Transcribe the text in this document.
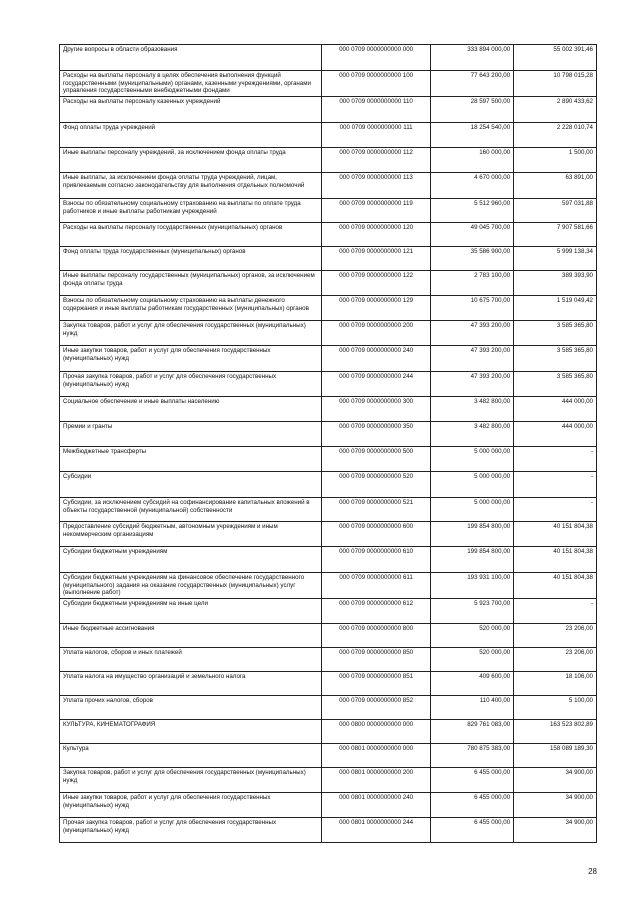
Другие вопросы в области образования	000 0709 0000000000 000	333 894 000,00	55 002 391,46
Расходы на выплаты персоналу в целях обеспечения выполнения функций государственными (муниципальными) органами, казенными учреждениями, органами управления государственными внебюджетными фондами	000 0709 0000000000 100	77 643 200,00	10 798 015,28
Расходы на выплаты персоналу казенных учреждений	000 0709 0000000000 110	28 597 500,00	2 890 433,62
Фонд оплаты труда учреждений	000 0709 0000000000 111	18 254 540,00	2 228 010,74
Иные выплаты персоналу учреждений, за исключением фонда оплаты труда	000 0709 0000000000 112	160 000,00	1 500,00
Иные выплаты, за исключением фонда оплаты труда учреждений, лицам, привлекаемым согласно законодательству для выполнения отдельных полномочий	000 0709 0000000000 113	4 670 000,00	63 891,00
Взносы по обязательному социальному страхованию на выплаты по оплате труда работников и иные выплаты работникам учреждений	000 0709 0000000000 119	5 512 960,00	597 031,88
Расходы на выплаты персоналу государственных (муниципальных) органов	000 0709 0000000000 120	49 045 700,00	7 907 581,66
Фонд оплаты труда государственных (муниципальных) органов	000 0709 0000000000 121	35 586 900,00	5 999 138,34
Иные выплаты персоналу государственных (муниципальных) органов, за исключением фонда оплаты труда	000 0709 0000000000 122	2 783 100,00	389 393,90
Взносы по обязательному социальному страхованию на выплаты денежного содержания и иные выплаты работникам государственных (муниципальных) органов	000 0709 0000000000 129	10 675 700,00	1 519 049,42
Закупка товаров, работ и услуг для обеспечения государственных (муниципальных) нужд	000 0709 0000000000 200	47 393 200,00	3 585 365,80
Иные закупки товаров, работ и услуг для обеспечения государственных (муниципальных) нужд	000 0709 0000000000 240	47 393 200,00	3 585 365,80
Прочая закупка товаров, работ и услуг для обеспечения государственных (муниципальных) нужд	000 0709 0000000000 244	47 393 200,00	3 585 365,80
Социальное обеспечение и иные выплаты населению	000 0709 0000000000 300	3 482 800,00	444 000,00
Премии и гранты	000 0709 0000000000 350	3 482 800,00	444 000,00
Межбюджетные трансферты	000 0709 0000000000 500	5 000 000,00	-
Субсидии	000 0709 0000000000 520	5 000 000,00	-
Субсидии, за исключением субсидий на софинансирование капитальных вложений в объекты государственной (муниципальной) собственности	000 0709 0000000000 521	5 000 000,00	-
Предоставление субсидий бюджетным, автономным учреждениям и иным некоммерческим организациям	000 0709 0000000000 600	199 854 800,00	40 151 804,38
Субсидии бюджетным учреждениям	000 0709 0000000000 610	199 854 800,00	40 151 804,38
Субсидии бюджетным учреждениям на финансовое обеспечение государственного (муниципального) задания на оказание государственных (муниципальных) услуг (выполнение работ)	000 0709 0000000000 611	193 931 100,00	40 151 804,38
Субсидии бюджетным учреждениям на иные цели	000 0709 0000000000 612	5 923 700,00	-
Иные бюджетные ассигнования	000 0709 0000000000 800	520 000,00	23 206,00
Уплата налогов, сборов и иных платежей	000 0709 0000000000 850	520 000,00	23 206,00
Уплата налога на имущество организаций и земельного налога	000 0709 0000000000 851	409 600,00	18 106,00
Уплата прочих налогов, сборов	000 0709 0000000000 852	110 400,00	5 100,00
КУЛЬТУРА, КИНЕМАТОГРАФИЯ	000 0800 0000000000 000	829 761 083,00	163 523 802,89
Культура	000 0801 0000000000 000	780 875 383,00	158 089 189,30
Закупка товаров, работ и услуг для обеспечения государственных (муниципальных) нужд	000 0801 0000000000 200	6 455 000,00	34 900,00
Иные закупки товаров, работ и услуг для обеспечения государственных (муниципальных) нужд	000 0801 0000000000 240	6 455 000,00	34 900,00
Прочая закупка товаров, работ и услуг для обеспечения государственных (муниципальных) нужд	000 0801 0000000000 244	6 455 000,00	34 900,00
28
